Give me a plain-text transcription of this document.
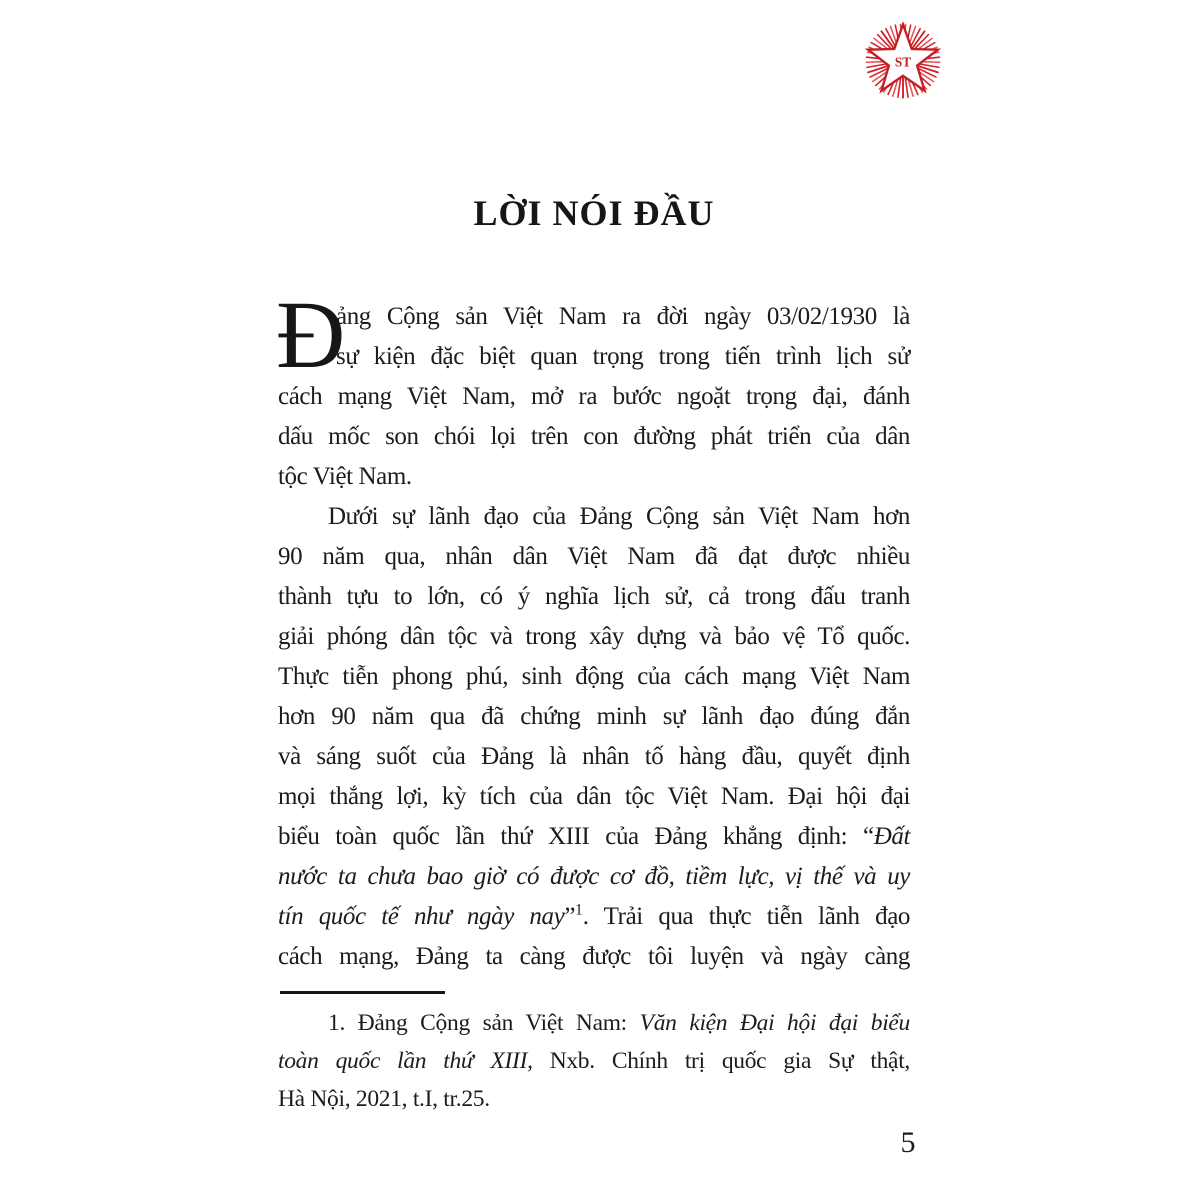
ST
LỜI NÓI ĐẦU
Đ
ảng Cộng sản Việt Nam ra đời ngày 03/02/1930 là
sự kiện đặc biệt quan trọng trong tiến trình lịch sử
cách mạng Việt Nam, mở ra bước ngoặt trọng đại, đánh
dấu mốc son chói lọi trên con đường phát triển của dân
tộc Việt Nam.
Dưới sự lãnh đạo của Đảng Cộng sản Việt Nam hơn
90 năm qua, nhân dân Việt Nam đã đạt được nhiều
thành tựu to lớn, có ý nghĩa lịch sử, cả trong đấu tranh
giải phóng dân tộc và trong xây dựng và bảo vệ Tổ quốc.
Thực tiễn phong phú, sinh động của cách mạng Việt Nam
hơn 90 năm qua đã chứng minh sự lãnh đạo đúng đắn
và sáng suốt của Đảng là nhân tố hàng đầu, quyết định
mọi thắng lợi, kỳ tích của dân tộc Việt Nam. Đại hội đại
biểu toàn quốc lần thứ XIII của Đảng khẳng định: “Đất
nước ta chưa bao giờ có được cơ đồ, tiềm lực, vị thế và uy
tín quốc tế như ngày nay”$^1$. Trải qua thực tiễn lãnh đạo
cách mạng, Đảng ta càng được tôi luyện và ngày càng
1. Đảng Cộng sản Việt Nam: Văn kiện Đại hội đại biểu
toàn quốc lần thứ XIII, Nxb. Chính trị quốc gia Sự thật,
Hà Nội, 2021, t.I, tr.25.
5
